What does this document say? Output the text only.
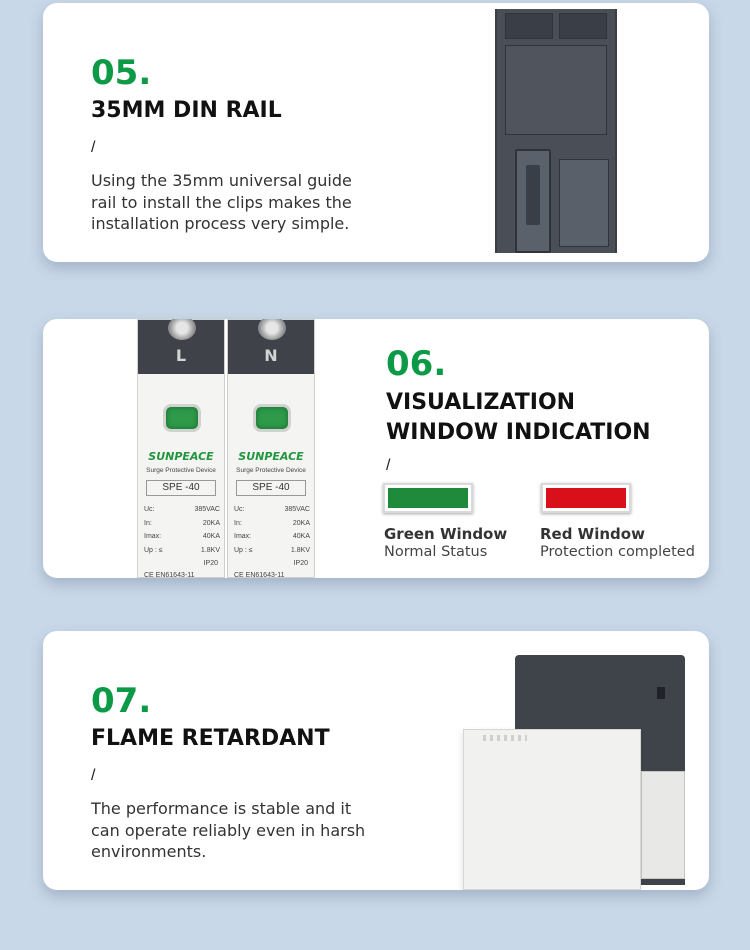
05.
35MM DIN RAIL
/
Using the 35mm universal guide rail to install the clips makes the installation process very simple.
L
SUNPEACE
Surge Protective Device
SPE -40
Uc:	385VAC
In:	20KA
Imax:	40KA
Up : ≤	1.8KV
IP20
CE EN61643-11
N
SUNPEACE
Surge Protective Device
SPE -40
Uc:	385VAC
In:	20KA
Imax:	40KA
Up : ≤	1.8KV
IP20
CE EN61643-11
06.
VISUALIZATION
WINDOW INDICATION
/
Green Window
Normal Status
Red Window
Protection completed
07.
FLAME RETARDANT
/
The performance is stable and it can operate reliably even in harsh environments.
